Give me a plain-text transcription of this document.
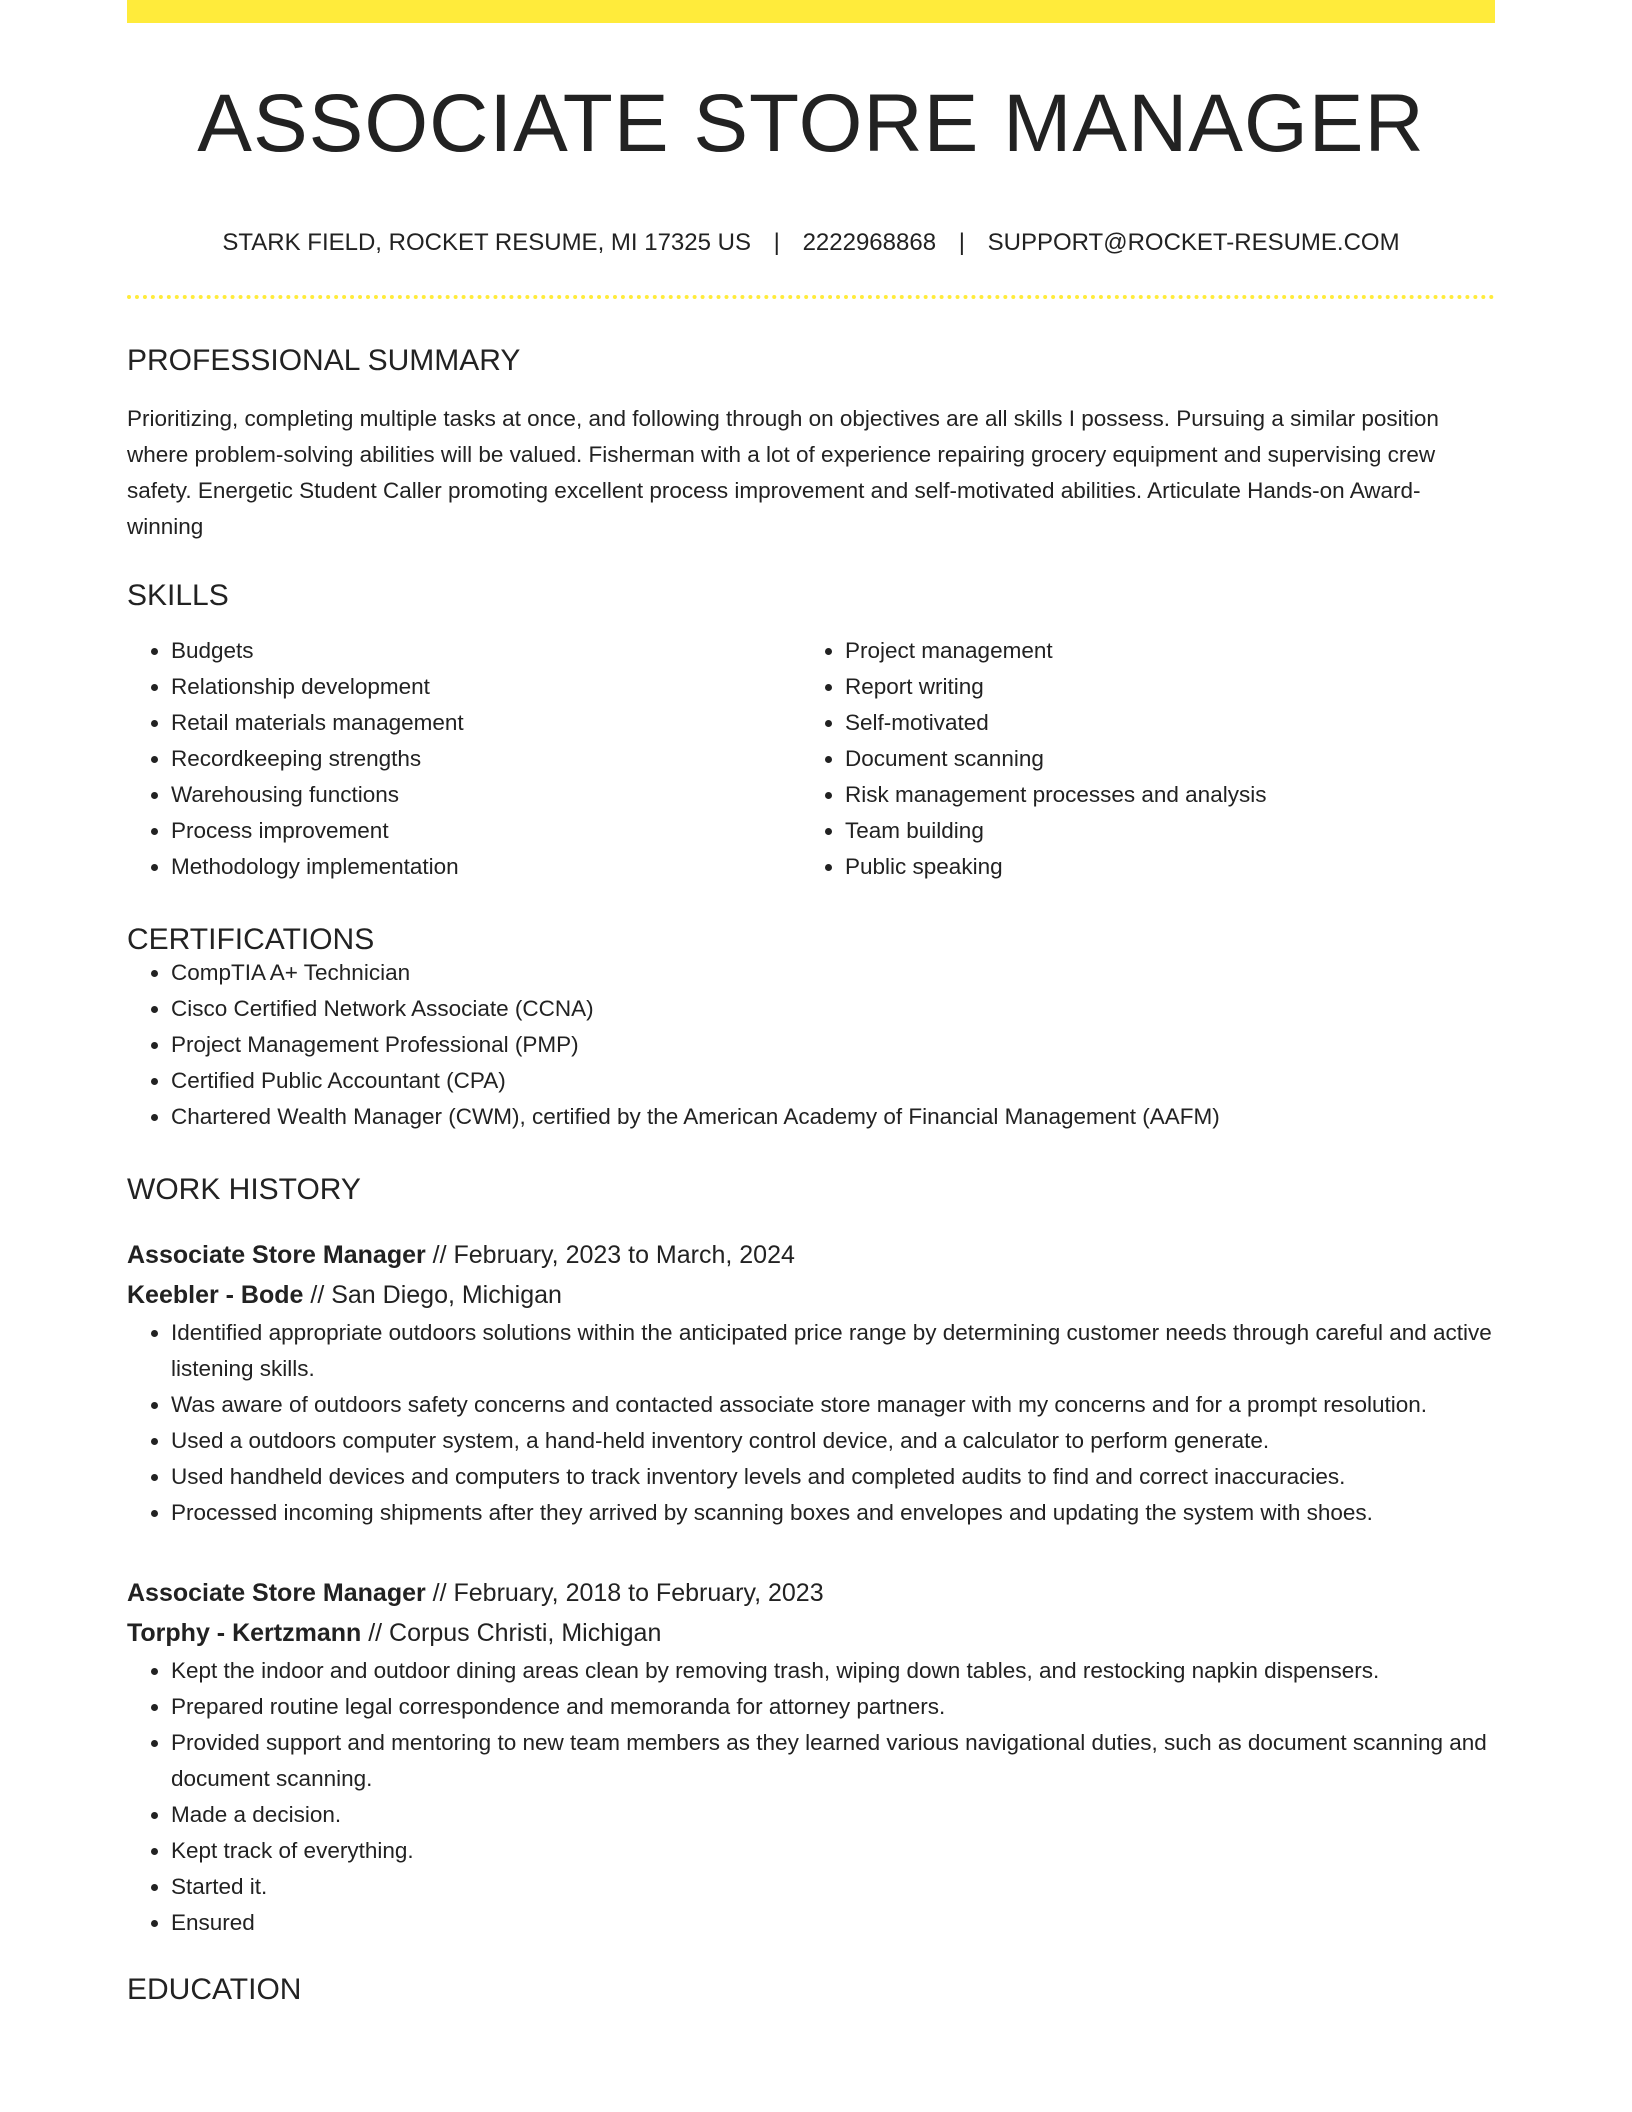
ASSOCIATE STORE MANAGER
STARK FIELD, ROCKET RESUME, MI 17325 US | 2222968868 | SUPPORT@ROCKET-RESUME.COM
PROFESSIONAL SUMMARY

Prioritizing, completing multiple tasks at once, and following through on objectives are all skills I possess. Pursuing a similar position where problem-solving abilities will be valued. Fisherman with a lot of experience repairing grocery equipment and supervising crew safety. Energetic Student Caller promoting excellent process improvement and self-motivated abilities. Articulate Hands-on Award-winning

SKILLS
• Budgets
• Relationship development
• Retail materials management
• Recordkeeping strengths
• Warehousing functions
• Process improvement
• Methodology implementation
• Project management
• Report writing
• Self-motivated
• Document scanning
• Risk management processes and analysis
• Team building
• Public speaking
CERTIFICATIONS
• CompTIA A+ Technician
• Cisco Certified Network Associate (CCNA)
• Project Management Professional (PMP)
• Certified Public Accountant (CPA)
• Chartered Wealth Manager (CWM), certified by the American Academy of Financial Management (AAFM)
WORK HISTORY
Associate Store Manager // February, 2023 to March, 2024
Keebler - Bode // San Diego, Michigan
• Identified appropriate outdoors solutions within the anticipated price range by determining customer needs through careful and active listening skills.
• Was aware of outdoors safety concerns and contacted associate store manager with my concerns and for a prompt resolution.
• Used a outdoors computer system, a hand-held inventory control device, and a calculator to perform generate.
• Used handheld devices and computers to track inventory levels and completed audits to find and correct inaccuracies.
• Processed incoming shipments after they arrived by scanning boxes and envelopes and updating the system with shoes.
Associate Store Manager // February, 2018 to February, 2023
Torphy - Kertzmann // Corpus Christi, Michigan
• Kept the indoor and outdoor dining areas clean by removing trash, wiping down tables, and restocking napkin dispensers.
• Prepared routine legal correspondence and memoranda for attorney partners.
• Provided support and mentoring to new team members as they learned various navigational duties, such as document scanning and document scanning.
• Made a decision.
• Kept track of everything.
• Started it.
• Ensured
EDUCATION
